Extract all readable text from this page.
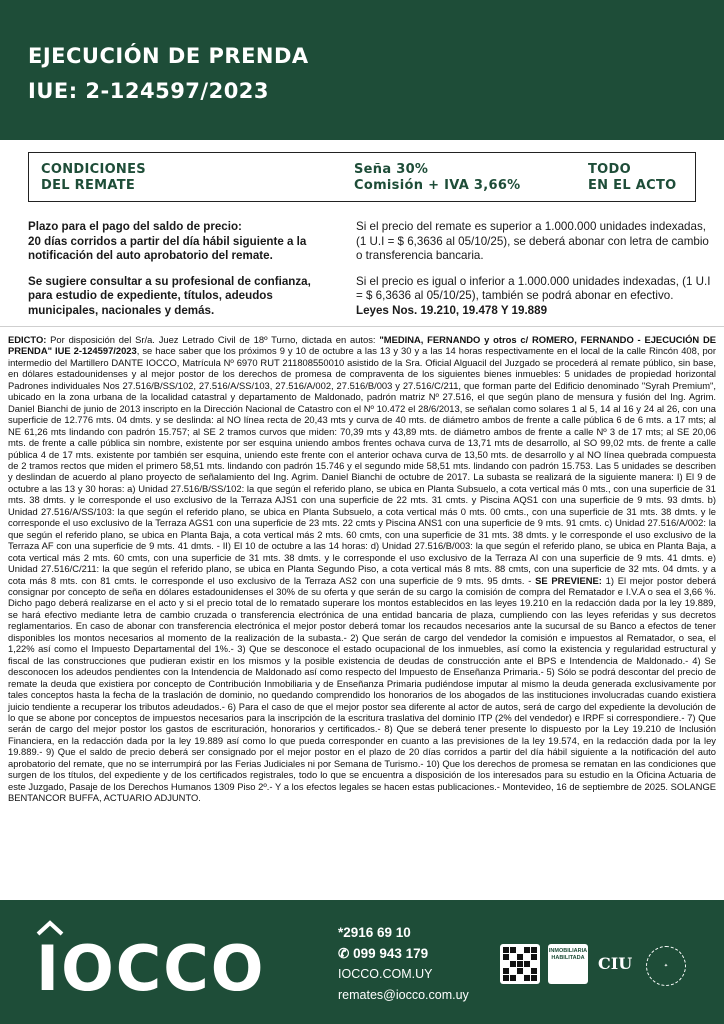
EJECUCIÓN DE PRENDA
IUE: 2-124597/2023
CONDICIONES
DEL REMATE
Seña 30%
Comisión + IVA 3,66%
TODO
EN EL ACTO

Plazo para el pago del saldo de precio:
20 días corridos a partir del día hábil siguiente a la notificación del auto aprobatorio del remate.

Se sugiere consultar a su profesional de confianza, para estudio de expediente, títulos, adeudos municipales, nacionales y demás.

Si el precio del remate es superior a 1.000.000 unidades indexadas, (1 U.I = $ 6,3636 al 05/10/25), se deberá abonar con letra de cambio o transferencia bancaria.

Si el precio es igual o inferior a 1.000.000 unidades indexadas, (1 U.I = $ 6,3636 al 05/10/25), también se podrá abonar en efectivo.
Leyes Nos. 19.210, 19.478 Y 19.889

EDICTO: Por disposición del Sr/a. Juez Letrado Civil de 18º Turno, dictada en autos: "MEDINA, FERNANDO y otros c/ ROMERO, FERNANDO - EJECUCIÓN DE PRENDA" IUE 2-124597/2023, se hace saber que los próximos 9 y 10 de octubre a las 13 y 30 y a las 14 horas respectivamente en el local de la calle Rincón 408, por intermedio del Martillero DANTE IOCCO, Matrícula Nº 6970 RUT 211808550010 asistido de la Sra. Oficial Alguacil del Juzgado se procederá al remate público, sin base, en dólares estadounidenses y al mejor postor de los derechos de promesa de compraventa de los siguientes bienes inmuebles: 5 unidades de propiedad horizontal Padrones individuales Nos 27.516/B/SS/102, 27.516/A/SS/103, 27.516/A/002, 27.516/B/003 y 27.516/C/211, que forman parte del Edificio denominado "Syrah Premium", ubicado en la zona urbana de la localidad catastral y departamento de Maldonado, padrón matriz Nº 27.516, el que según plano de mensura y fusión del Ing. Agrim. Daniel Bianchi de junio de 2013 inscripto en la Dirección Nacional de Catastro con el Nº 10.472 el 28/6/2013, se señalan como solares 1 al 5, 14 al 16 y 24 al 26, con una superficie de 12.776 mts. 04 dmts. y se deslinda: al NO línea recta de 20,43 mts y curva de 40 mts. de diámetro ambos de frente a calle pública 6 de 6 mts. a 17 mts; al NE 61,26 mts lindando con padrón 15.757; al SE 2 tramos curvos que miden: 70,39 mts y 43,89 mts. de diámetro ambos de frente a calle Nº 3 de 17 mts; al SE 20,06 mts. de frente a calle pública sin nombre, existente por ser esquina uniendo ambos frentes ochava curva de 13,71 mts de desarrollo, al SO 99,02 mts. de frente a calle pública 4 de 17 mts. existente por también ser esquina, uniendo este frente con el anterior ochava curva de 13,50 mts. de desarrollo y al NO línea quebrada compuesta de 2 tramos rectos que miden el primero 58,51 mts. lindando con padrón 15.746 y el segundo mide 58,51 mts. lindando con padrón 15.753. Las 5 unidades se describen y deslindan de acuerdo al plano proyecto de señalamiento del Ing. Agrim. Daniel Bianchi de octubre de 2017. La subasta se realizará de la siguiente manera: I) El 9 de octubre a las 13 y 30 horas: a) Unidad 27.516/B/SS/102: la que según el referido plano, se ubica en Planta Subsuelo, a cota vertical más 0 mts., con una superficie de 31 mts. 38 dmts. y le corresponde el uso exclusivo de la Terraza AJS1 con una superficie de 22 mts. 31 cmts. y Piscina AQS1 con una superficie de 9 mts. 93 dmts. b) Unidad 27.516/A/SS/103: la que según el referido plano, se ubica en Planta Subsuelo, a cota vertical más 0 mts. 00 cmts., con una superficie de 31 mts. 38 dmts. y le corresponde el uso exclusivo de la Terraza AGS1 con una superficie de 23 mts. 22 cmts y Piscina ANS1 con una superficie de 9 mts. 91 cmts. c) Unidad 27.516/A/002: la que según el referido plano, se ubica en Planta Baja, a cota vertical más 2 mts. 60 cmts, con una superficie de 31 mts. 38 dmts. y le corresponde el uso exclusivo de la Terraza AF con una superficie de 9 mts. 41 dmts. - II) El 10 de octubre a las 14 horas: d) Unidad 27.516/B/003: la que según el referido plano, se ubica en Planta Baja, a cota vertical más 2 mts. 60 cmts, con una superficie de 31 mts. 38 dmts. y le corresponde el uso exclusivo de la Terraza AI con una superficie de 9 mts. 41 dmts. e) Unidad 27.516/C/211: la que según el referido plano, se ubica en Planta Segundo Piso, a cota vertical más 8 mts. 88 cmts, con una superficie de 32 mts. 04 dmts. y a cota más 8 mts. con 81 cmts. le corresponde el uso exclusivo de la Terraza AS2 con una superficie de 9 mts. 95 dmts. - SE PREVIENE: 1) El mejor postor deberá consignar por concepto de seña en dólares estadounidenses el 30% de su oferta y que serán de su cargo la comisión de compra del Rematador e I.V.A o sea el 3,66 %. Dicho pago deberá realizarse en el acto y si el precio total de lo rematado superare los montos establecidos en las leyes 19.210 en la redacción dada por la ley 19.889, se hará efectivo mediante letra de cambio cruzada o transferencia electrónica de una entidad bancaria de plaza, cumpliendo con las leyes referidas y sus decretos reglamentarios. En caso de abonar con transferencia electrónica el mejor postor deberá tomar los recaudos necesarios ante la sucursal de su Banco a efectos de tener disponibles los montos necesarios al momento de la realización de la subasta.- 2) Que serán de cargo del vendedor la comisión e impuestos al Rematador, o sea, el 1,22% así como el Impuesto Departamental del 1%.- 3) Que se desconoce el estado ocupacional de los inmuebles, así como la existencia y regularidad estructural y fiscal de las construcciones que pudieran existir en los mismos y la posible existencia de deudas de construcción ante el BPS e Intendencia de Maldonado.- 4) Se desconocen los adeudos pendientes con la Intendencia de Maldonado así como respecto del Impuesto de Enseñanza Primaria.- 5) Sólo se podrá descontar del precio de remate la deuda que existiera por concepto de Contribución Inmobiliaria y de Enseñanza Primaria pudiéndose imputar al mismo la deuda generada exclusivamente por tales conceptos hasta la fecha de la traslación de dominio, no quedando comprendido los honorarios de los abogados de las instituciones involucradas cuando existiera juicio tendiente a recuperar los tributos adeudados.- 6) Para el caso de que el mejor postor sea diferente al actor de autos, será de cargo del expediente la devolución de lo que se abone por conceptos de impuestos necesarios para la inscripción de la escritura traslativa del dominio ITP (2% del vendedor) e IRPF si correspondiere.- 7) Que serán de cargo del mejor postor los gastos de escrituración, honorarios y certificados.- 8) Que se deberá tener presente lo dispuesto por la Ley 19.210 de Inclusión Financiera, en la redacción dada por la ley 19.889 así como lo que pueda corresponder en cuanto a las previsiones de la ley 19.574, en la redacción dada por la ley 19.889.- 9) Que el saldo de precio deberá ser consignado por el mejor postor en el plazo de 20 días corridos a partir del día hábil siguiente a la notificación del auto aprobatorio del remate, que no se interrumpirá por las Ferias Judiciales ni por Semana de Turismo.- 10) Que los derechos de promesa se rematan en las condiciones que surgen de los títulos, del expediente y de los certificados registrales, todo lo que se encuentra a disposición de los interesados para su estudio en la Oficina Actuaria de este Juzgado, Pasaje de los Derechos Humanos 1309 Piso 2º.- Y a los efectos legales se hacen estas publicaciones.- Montevideo, 16 de septiembre de 2025. SOLANGE BENTANCOR BUFFA, ACTUARIO ADJUNTO.

IOCCO	*2916 69 10
✆ 099 943 179
IOCCO.COM.UY
remates@iocco.com.uy
INMOBILIARIA HABILITADA CIU	✦
